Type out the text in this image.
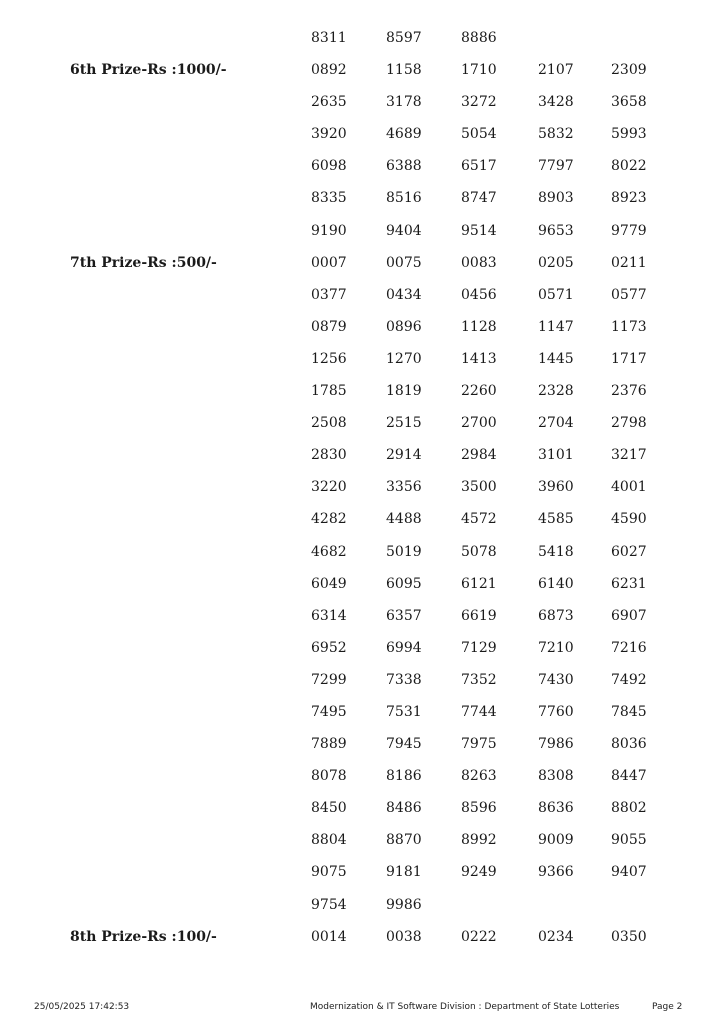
8311	8597	8886
6th Prize-Rs :1000/-	0892	1158	1710	2107	2309
2635	3178	3272	3428	3658
3920	4689	5054	5832	5993
6098	6388	6517	7797	8022
8335	8516	8747	8903	8923
9190	9404	9514	9653	9779
7th Prize-Rs :500/-	0007	0075	0083	0205	0211
0377	0434	0456	0571	0577
0879	0896	1128	1147	1173
1256	1270	1413	1445	1717
1785	1819	2260	2328	2376
2508	2515	2700	2704	2798
2830	2914	2984	3101	3217
3220	3356	3500	3960	4001
4282	4488	4572	4585	4590
4682	5019	5078	5418	6027
6049	6095	6121	6140	6231
6314	6357	6619	6873	6907
6952	6994	7129	7210	7216
7299	7338	7352	7430	7492
7495	7531	7744	7760	7845
7889	7945	7975	7986	8036
8078	8186	8263	8308	8447
8450	8486	8596	8636	8802
8804	8870	8992	9009	9055
9075	9181	9249	9366	9407
9754	9986
8th Prize-Rs :100/-	0014	0038	0222	0234	0350
25/05/2025 17:42:53	Modernization & IT Software Division : Department of State Lotteries	Page 2
